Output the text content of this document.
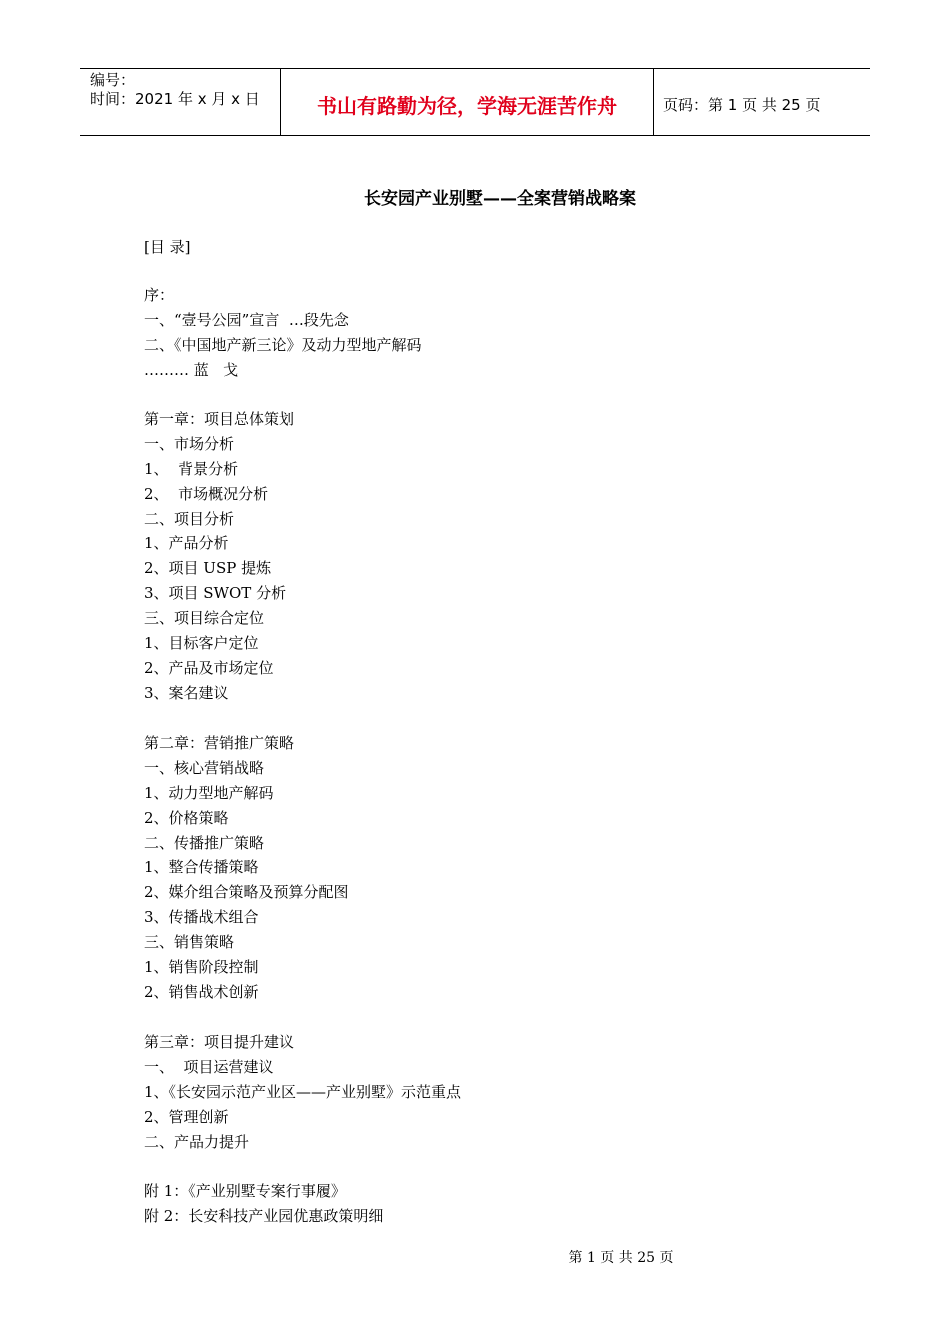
编号：
时间：2021 年 x 月 x 日	书山有路勤为径，学海无涯苦作舟	页码：第 1 页 共 25 页
长安园产业别墅——全案营销战略案
[目 录]
序：
一、“壹号公园”宣言  …段先念
二、《中国地产新三论》及动力型地产解码
……… 蓝   戈
第一章：项目总体策划
一、市场分析
1、  背景分析
2、  市场概况分析
二、项目分析
1、产品分析
2、项目 USP 提炼
3、项目 SWOT 分析
三、项目综合定位
1、目标客户定位
2、产品及市场定位
3、案名建议
第二章：营销推广策略
一、核心营销战略
1、动力型地产解码
2、价格策略
二、传播推广策略
1、整合传播策略
2、媒介组合策略及预算分配图
3、传播战术组合
三、销售策略
1、销售阶段控制
2、销售战术创新
第三章：项目提升建议
一、  项目运营建议
1、《长安园示范产业区——产业别墅》示范重点
2、管理创新
二、产品力提升
附 1：《产业别墅专案行事履》
附 2：长安科技产业园优惠政策明细
第 1 页 共 25 页
